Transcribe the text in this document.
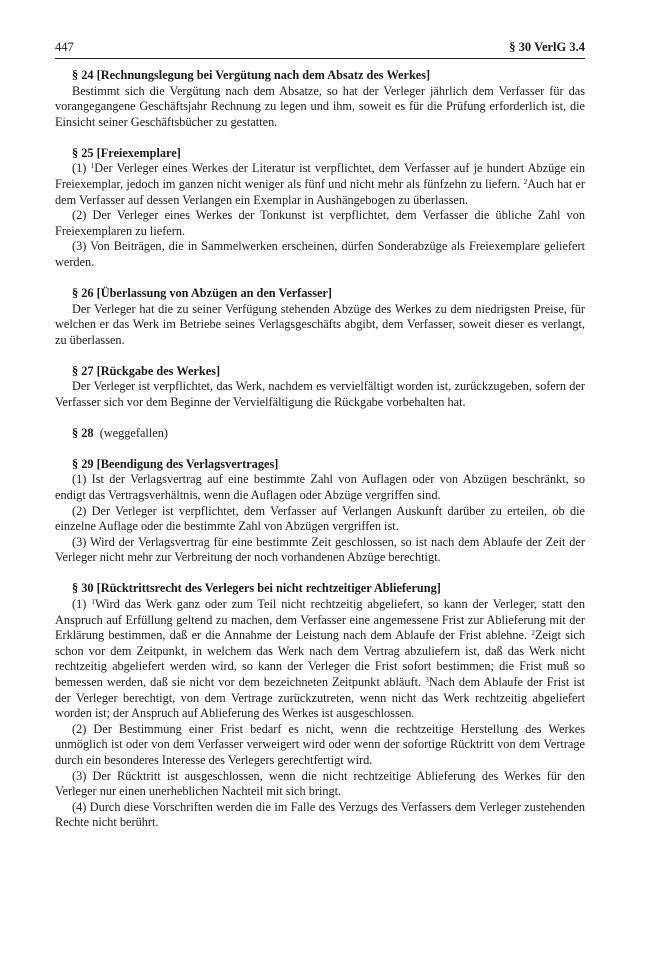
447	§ 30 VerlG 3.4
§ 24 [Rechnungslegung bei Vergütung nach dem Absatz des Werkes]

Bestimmt sich die Vergütung nach dem Absatze, so hat der Verleger jährlich dem Verfasser für das vorangegangene Geschäftsjahr Rechnung zu legen und ihm, soweit es für die Prüfung erforderlich ist, die Einsicht seiner Geschäftsbücher zu gestatten.

§ 25 [Freiexemplare]

(1) $^1$Der Verleger eines Werkes der Literatur ist verpflichtet, dem Verfasser auf je hundert Abzüge ein Freiexemplar, jedoch im ganzen nicht weniger als fünf und nicht mehr als fünfzehn zu liefern. $^2$Auch hat er dem Verfasser auf dessen Verlangen ein Exemplar in Aushängebogen zu überlassen.

(2) Der Verleger eines Werkes der Tonkunst ist verpflichtet, dem Verfasser die übliche Zahl von Freiexemplaren zu liefern.

(3) Von Beiträgen, die in Sammelwerken erscheinen, dürfen Sonderabzüge als Freiexemplare geliefert werden.

§ 26 [Überlassung von Abzügen an den Verfasser]

Der Verleger hat die zu seiner Verfügung stehenden Abzüge des Werkes zu dem niedrigsten Preise, für welchen er das Werk im Betriebe seines Verlagsgeschäfts abgibt, dem Verfasser, soweit dieser es verlangt, zu überlassen.

§ 27 [Rückgabe des Werkes]

Der Verleger ist verpflichtet, das Werk, nachdem es vervielfältigt worden ist, zurückzugeben, sofern der Verfasser sich vor dem Beginne der Vervielfältigung die Rückgabe vorbehalten hat.

§ 28 (weggefallen)
§ 29 [Beendigung des Verlagsvertrages]

(1) Ist der Verlagsvertrag auf eine bestimmte Zahl von Auflagen oder von Abzügen beschränkt, so endigt das Vertragsverhältnis, wenn die Auflagen oder Abzüge vergriffen sind.

(2) Der Verleger ist verpflichtet, dem Verfasser auf Verlangen Auskunft darüber zu erteilen, ob die einzelne Auflage oder die bestimmte Zahl von Abzügen vergriffen ist.

(3) Wird der Verlagsvertrag für eine bestimmte Zeit geschlossen, so ist nach dem Ablaufe der Zeit der Verleger nicht mehr zur Verbreitung der noch vorhandenen Abzüge berechtigt.

§ 30 [Rücktrittsrecht des Verlegers bei nicht rechtzeitiger Ablieferung]

(1) $^1$Wird das Werk ganz oder zum Teil nicht rechtzeitig abgeliefert, so kann der Verleger, statt den Anspruch auf Erfüllung geltend zu machen, dem Verfasser eine angemessene Frist zur Ablieferung mit der Erklärung bestimmen, daß er die Annahme der Leistung nach dem Ablaufe der Frist ablehne. $^2$Zeigt sich schon vor dem Zeitpunkt, in welchem das Werk nach dem Vertrag abzuliefern ist, daß das Werk nicht rechtzeitig abgeliefert werden wird, so kann der Verleger die Frist sofort bestimmen; die Frist muß so bemessen werden, daß sie nicht vor dem bezeichneten Zeitpunkt abläuft. $^3$Nach dem Ablaufe der Frist ist der Verleger berechtigt, von dem Vertrage zurückzutreten, wenn nicht das Werk rechtzeitig abgeliefert worden ist; der Anspruch auf Ablieferung des Werkes ist ausgeschlossen.

(2) Der Bestimmung einer Frist bedarf es nicht, wenn die rechtzeitige Herstellung des Werkes unmöglich ist oder von dem Verfasser verweigert wird oder wenn der sofortige Rücktritt von dem Vertrage durch ein besonderes Interesse des Verlegers gerechtfertigt wird.

(3) Der Rücktritt ist ausgeschlossen, wenn die nicht rechtzeitige Ablieferung des Werkes für den Verleger nur einen unerheblichen Nachteil mit sich bringt.

(4) Durch diese Vorschriften werden die im Falle des Verzugs des Verfassers dem Verleger zustehenden Rechte nicht berührt.
